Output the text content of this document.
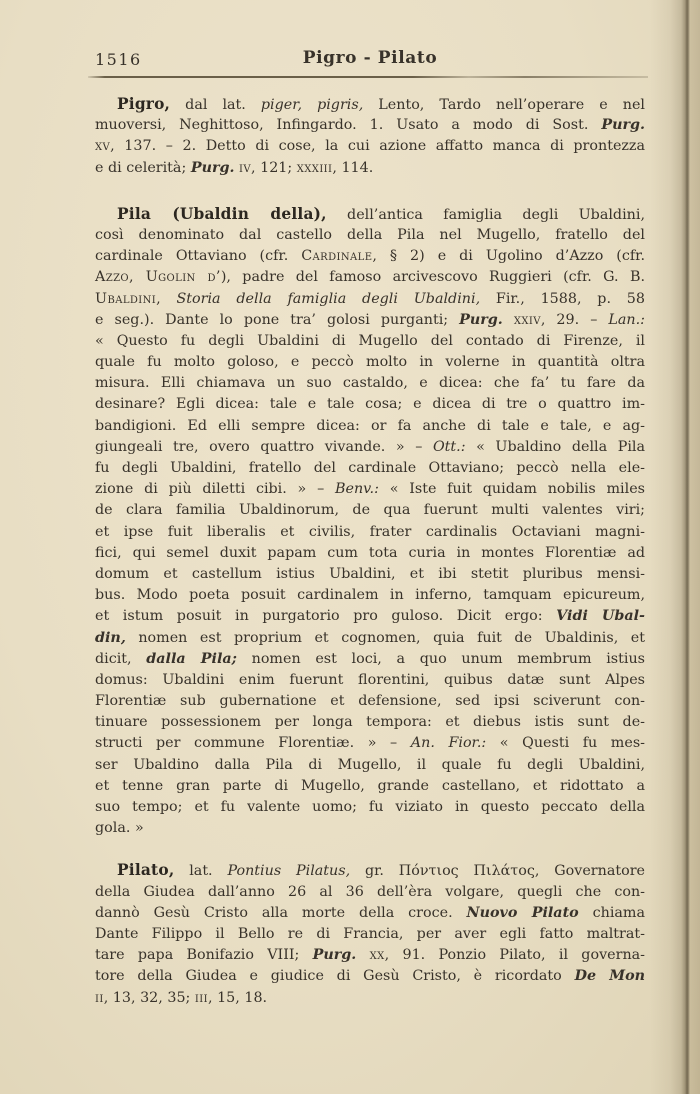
1516	Pigro - Pilato
Pigro, dal lat. piger, pigris, Lento, Tardo nell’operare e nel
muoversi, Neghittoso, Infingardo. 1. Usato a modo di Sost. Purg.
xv, 137. – 2. Detto di cose, la cui azione affatto manca di prontezza
e di celerità; Purg. iv, 121; xxxiii, 114.
Pila (Ubaldin della), dell’antica famiglia degli Ubaldini,
così denominato dal castello della Pila nel Mugello, fratello del
cardinale Ottaviano (cfr. Cardinale, § 2) e di Ugolino d’Azzo (cfr.
Azzo, Ugolin d’), padre del famoso arcivescovo Ruggieri (cfr. G. B.
Ubaldini, Storia della famiglia degli Ubaldini, Fir., 1588, p. 58
e seg.). Dante lo pone tra’ golosi purganti; Purg. xxiv, 29. – Lan.:
« Questo fu degli Ubaldini di Mugello del contado di Firenze, il
quale fu molto goloso, e peccò molto in volerne in quantità oltra
misura. Elli chiamava un suo castaldo, e dicea: che fa’ tu fare da
desinare? Egli dicea: tale e tale cosa; e dicea di tre o quattro im-
bandigioni. Ed elli sempre dicea: or fa anche di tale e tale, e ag-
giungeali tre, overo quattro vivande. » – Ott.: « Ubaldino della Pila
fu degli Ubaldini, fratello del cardinale Ottaviano; peccò nella ele-
zione di più diletti cibi. » – Benv.: « Iste fuit quidam nobilis miles
de clara familia Ubaldinorum, de qua fuerunt multi valentes viri;
et ipse fuit liberalis et civilis, frater cardinalis Octaviani magni-
fici, qui semel duxit papam cum tota curia in montes Florentiæ ad
domum et castellum istius Ubaldini, et ibi stetit pluribus mensi-
bus. Modo poeta posuit cardinalem in inferno, tamquam epicureum,
et istum posuit in purgatorio pro guloso. Dicit ergo: Vidi Ubal-
din, nomen est proprium et cognomen, quia fuit de Ubaldinis, et
dicit, dalla Pila; nomen est loci, a quo unum membrum istius
domus: Ubaldini enim fuerunt florentini, quibus datæ sunt Alpes
Florentiæ sub gubernatione et defensione, sed ipsi sciverunt con-
tinuare possessionem per longa tempora: et diebus istis sunt de-
structi per commune Florentiæ. » – An. Fior.: « Questi fu mes-
ser Ubaldino dalla Pila di Mugello, il quale fu degli Ubaldini,
et tenne gran parte di Mugello, grande castellano, et ridottato a
suo tempo; et fu valente uomo; fu viziato in questo peccato della
gola. »
Pilato, lat. Pontius Pilatus, gr. Πόντιος Πιλάτος, Governatore
della Giudea dall’anno 26 al 36 dell’èra volgare, quegli che con-
dannò Gesù Cristo alla morte della croce. Nuovo Pilato chiama
Dante Filippo il Bello re di Francia, per aver egli fatto maltrat-
tare papa Bonifazio VIII; Purg. xx, 91. Ponzio Pilato, il governa-
tore della Giudea e giudice di Gesù Cristo, è ricordato De Mon
ii, 13, 32, 35; iii, 15, 18.
